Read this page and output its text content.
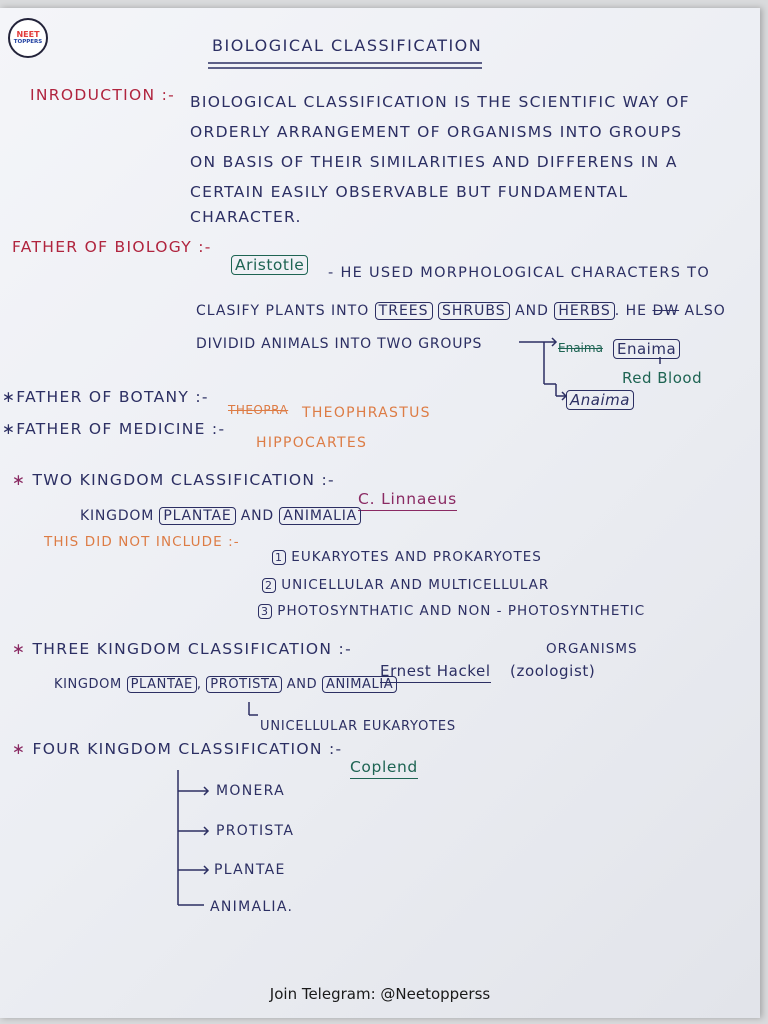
NEET
TOPPERS	BIOLOGICAL CLASSIFICATION
INRODUCTION :- BIOLOGICAL CLASSIFICATION IS THE SCIENTIFIC WAY OF
ORDERLY ARRANGEMENT OF ORGANISMS INTO GROUPS
ON BASIS OF THEIR SIMILARITIES AND DIFFERENS IN A
CERTAIN EASILY OBSERVABLE BUT FUNDAMENTAL
CHARACTER.
FATHER OF BIOLOGY :-
Aristotle - HE USED MORPHOLOGICAL CHARACTERS TO
CLASIFY PLANTS INTO TREES SHRUBS AND HERBS . HE DW ALSO
DIVIDID ANIMALS INTO TWO GROUPS	Enaima Enaima
Red Blood
Anaima
∗FATHER OF BOTANY :-
THEOPRA THEOPHRASTUS
∗FATHER OF MEDICINE :-
HIPPOCARTES
∗ TWO KINGDOM CLASSIFICATION :-
C. Linnaeus
KINGDOM PLANTAE AND ANIMALIA
THIS DID NOT INCLUDE :-
1 EUKARYOTES AND PROKARYOTES
2 UNICELLULAR AND MULTICELLULAR
3 PHOTOSYNTHATIC AND NON - PHOTOSYNTHETIC
ORGANISMS
∗ THREE KINGDOM CLASSIFICATION :-
Ernest Hackel (zoologist)
KINGDOM PLANTAE , PROTISTA AND ANIMALIA
UNICELLULAR EUKARYOTES
∗ FOUR KINGDOM CLASSIFICATION :-
Coplend
MONERA
PROTISTA
PLANTAE
ANIMALIA.
Join Telegram: @Neetopperss
